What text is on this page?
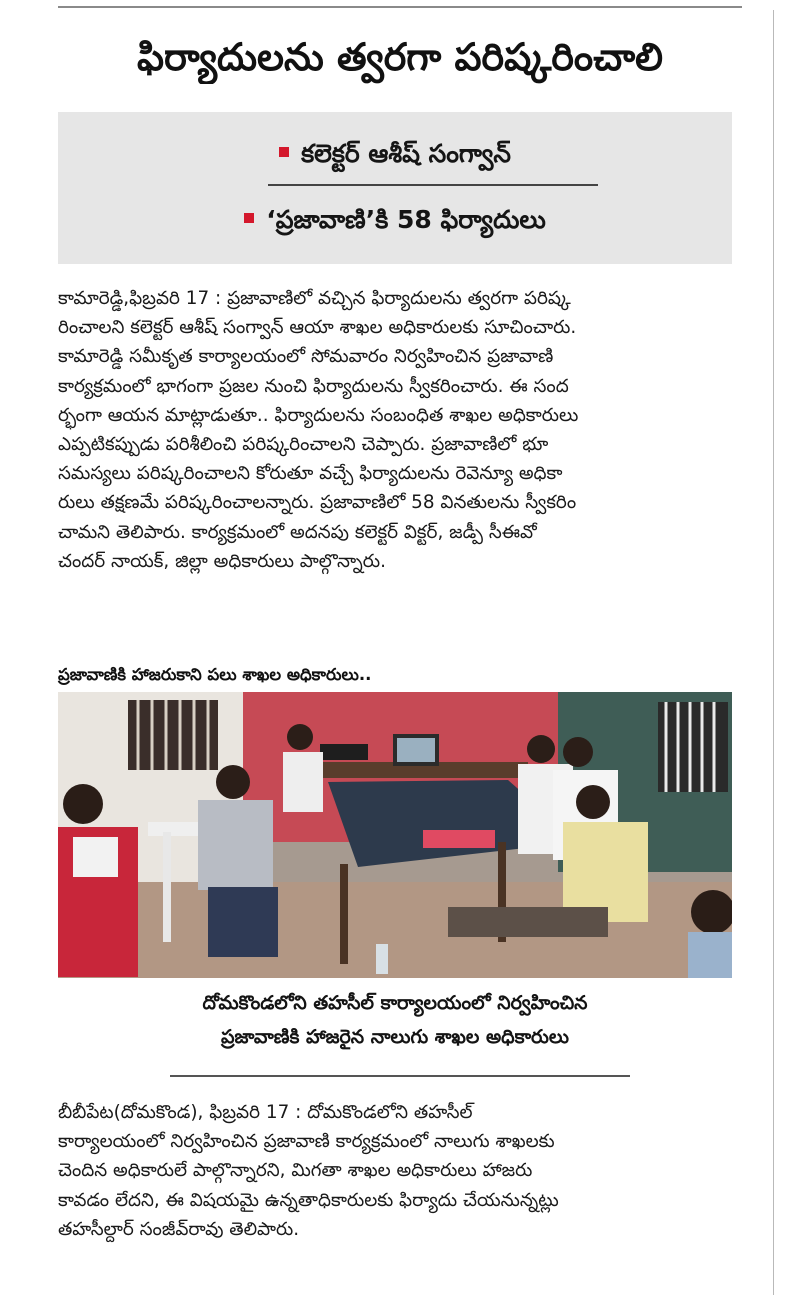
ఫిర్యాదులను త్వరగా పరిష్కరించాలి
కలెక్టర్ ఆశీష్ సంగ్వాన్
‘ప్రజావాణి’కి 58 ఫిర్యాదులు
కామారెడ్డి,ఫిబ్రవరి 17 : ప్రజావాణిలో వచ్చిన ఫిర్యాదులను త్వరగా పరిష్క
రించాలని కలెక్టర్ ఆశీష్ సంగ్వాన్ ఆయా శాఖల అధికారులకు సూచించారు.
కామారెడ్డి సమీకృత కార్యాలయంలో సోమవారం నిర్వహించిన ప్రజావాణి
కార్యక్రమంలో భాగంగా ప్రజల నుంచి ఫిర్యాదులను స్వీకరించారు. ఈ సంద
ర్భంగా ఆయన మాట్లాడుతూ.. ఫిర్యాదులను సంబంధిత శాఖల అధికారులు
ఎప్పటికప్పుడు పరిశీలించి పరిష్కరించాలని చెప్పారు. ప్రజావాణిలో భూ
సమస్యలు పరిష్కరించాలని కోరుతూ వచ్చే ఫిర్యాదులను రెవెన్యూ అధికా
రులు తక్షణమే పరిష్కరించాలన్నారు. ప్రజావాణిలో 58 వినతులను స్వీకరిం
చామని తెలిపారు. కార్యక్రమంలో అదనపు కలెక్టర్ విక్టర్, జడ్పీ సీఈవో
చందర్ నాయక్, జిల్లా అధికారులు పాల్గొన్నారు.
ప్రజావాణికి హాజరుకాని పలు శాఖల అధికారులు..
దోమకొండలోని తహసీల్ కార్యాలయంలో నిర్వహించిన
ప్రజావాణికి హాజరైన నాలుగు శాఖల అధికారులు
బీబీపేట(దోమకొండ), ఫిబ్రవరి 17 : దోమకొండలోని తహసీల్
కార్యాలయంలో నిర్వహించిన ప్రజావాణి కార్యక్రమంలో నాలుగు శాఖలకు
చెందిన అధికారులే పాల్గొన్నారని, మిగతా శాఖల అధికారులు హాజరు
కావడం లేదని, ఈ విషయమై ఉన్నతాధికారులకు ఫిర్యాదు చేయనున్నట్లు
తహసీల్దార్ సంజీవ్‌రావు తెలిపారు.
